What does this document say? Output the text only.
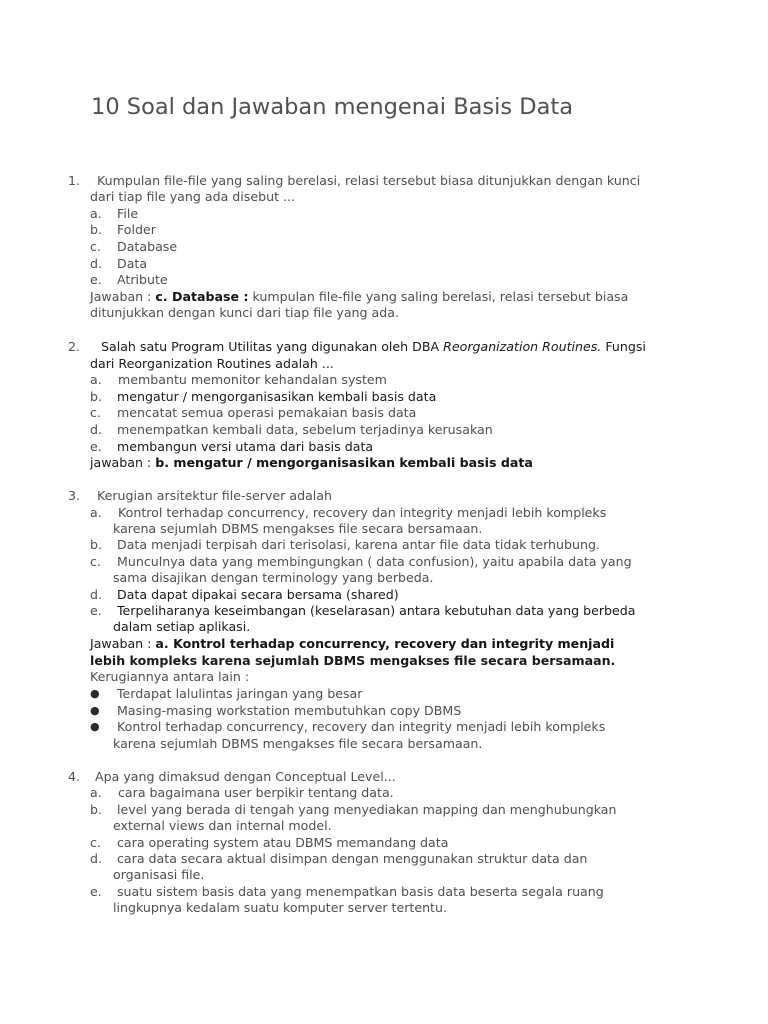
10 Soal dan Jawaban mengenai Basis Data
1. Kumpulan file-file yang saling berelasi, relasi tersebut biasa ditunjukkan dengan kunci
dari tiap file yang ada disebut ...
a. File
b. Folder
c. Database
d. Data
e. Atribute
Jawaban : c. Database : kumpulan file-file yang saling berelasi, relasi tersebut biasa
ditunjukkan dengan kunci dari tiap file yang ada.
2. Salah satu Program Utilitas yang digunakan oleh DBA Reorganization Routines. Fungsi
dari Reorganization Routines adalah ...
a. membantu memonitor kehandalan system
b. mengatur / mengorganisasikan kembali basis data
c. mencatat semua operasi pemakaian basis data
d. menempatkan kembali data, sebelum terjadinya kerusakan
e. membangun versi utama dari basis data
jawaban : b. mengatur / mengorganisasikan kembali basis data
3. Kerugian arsitektur file-server adalah
a. Kontrol terhadap concurrency, recovery dan integrity menjadi lebih kompleks
karena sejumlah DBMS mengakses file secara bersamaan.
b. Data menjadi terpisah dari terisolasi, karena antar file data tidak terhubung.
c. Munculnya data yang membingungkan ( data confusion), yaitu apabila data yang
sama disajikan dengan terminology yang berbeda.
d. Data dapat dipakai secara bersama (shared)
e. Terpeliharanya keseimbangan (keselarasan) antara kebutuhan data yang berbeda
dalam setiap aplikasi.
Jawaban : a. Kontrol terhadap concurrency, recovery dan integrity menjadi
lebih kompleks karena sejumlah DBMS mengakses file secara bersamaan.
Kerugiannya antara lain :
● Terdapat lalulintas jaringan yang besar
● Masing-masing workstation membutuhkan copy DBMS
● Kontrol terhadap concurrency, recovery dan integrity menjadi lebih kompleks
karena sejumlah DBMS mengakses file secara bersamaan.
4. Apa yang dimaksud dengan Conceptual Level...
a. cara bagaimana user berpikir tentang data.
b. level yang berada di tengah yang menyediakan mapping dan menghubungkan
external views dan internal model.
c. cara operating system atau DBMS memandang data
d. cara data secara aktual disimpan dengan menggunakan struktur data dan
organisasi file.
e. suatu sistem basis data yang menempatkan basis data beserta segala ruang
lingkupnya kedalam suatu komputer server tertentu.
